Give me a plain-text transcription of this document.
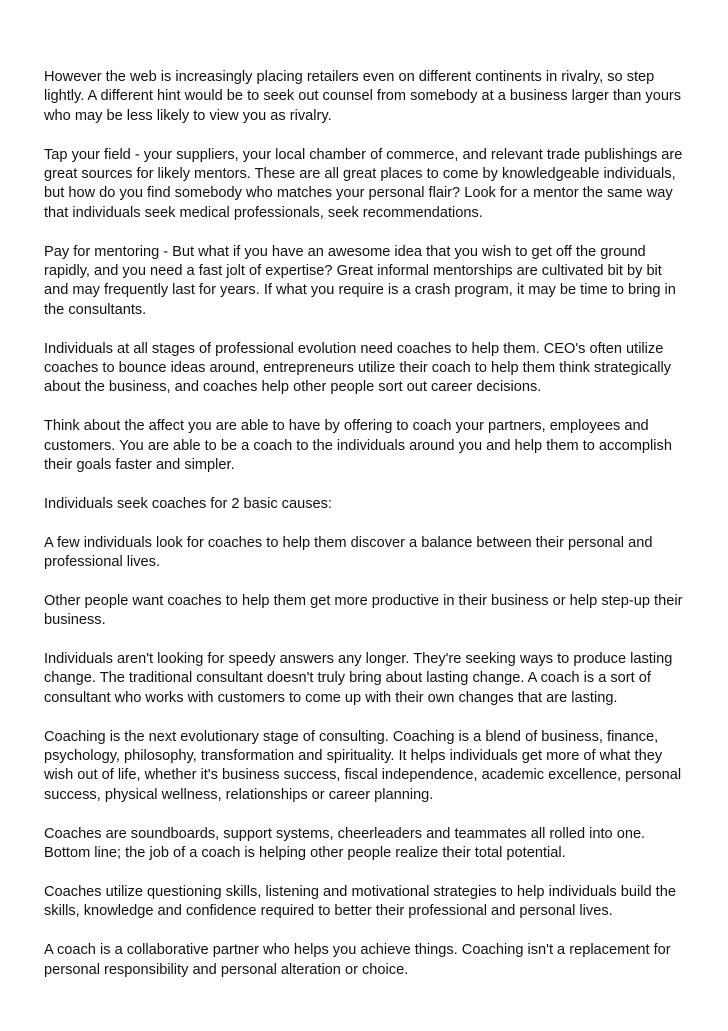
However the web is increasingly placing retailers even on different continents in rivalry, so step lightly. A different hint would be to seek out counsel from somebody at a business larger than yours who may be less likely to view you as rivalry.

Tap your field - your suppliers, your local chamber of commerce, and relevant trade publishings are great sources for likely mentors. These are all great places to come by knowledgeable individuals, but how do you find somebody who matches your personal flair? Look for a mentor the same way that individuals seek medical professionals, seek recommendations.

Pay for mentoring - But what if you have an awesome idea that you wish to get off the ground rapidly, and you need a fast jolt of expertise? Great informal mentorships are cultivated bit by bit and may frequently last for years. If what you require is a crash program, it may be time to bring in the consultants.

Individuals at all stages of professional evolution need coaches to help them. CEO's often utilize coaches to bounce ideas around, entrepreneurs utilize their coach to help them think strategically about the business, and coaches help other people sort out career decisions.

Think about the affect you are able to have by offering to coach your partners, employees and customers. You are able to be a coach to the individuals around you and help them to accomplish their goals faster and simpler.

Individuals seek coaches for 2 basic causes:

A few individuals look for coaches to help them discover a balance between their personal and professional lives.

Other people want coaches to help them get more productive in their business or help step-up their business.

Individuals aren't looking for speedy answers any longer. They're seeking ways to produce lasting change. The traditional consultant doesn't truly bring about lasting change. A coach is a sort of consultant who works with customers to come up with their own changes that are lasting.

Coaching is the next evolutionary stage of consulting. Coaching is a blend of business, finance, psychology, philosophy, transformation and spirituality. It helps individuals get more of what they wish out of life, whether it's business success, fiscal independence, academic excellence, personal success, physical wellness, relationships or career planning.

Coaches are soundboards, support systems, cheerleaders and teammates all rolled into one. Bottom line; the job of a coach is helping other people realize their total potential.

Coaches utilize questioning skills, listening and motivational strategies to help individuals build the skills, knowledge and confidence required to better their professional and personal lives.

A coach is a collaborative partner who helps you achieve things. Coaching isn't a replacement for personal responsibility and personal alteration or choice.
